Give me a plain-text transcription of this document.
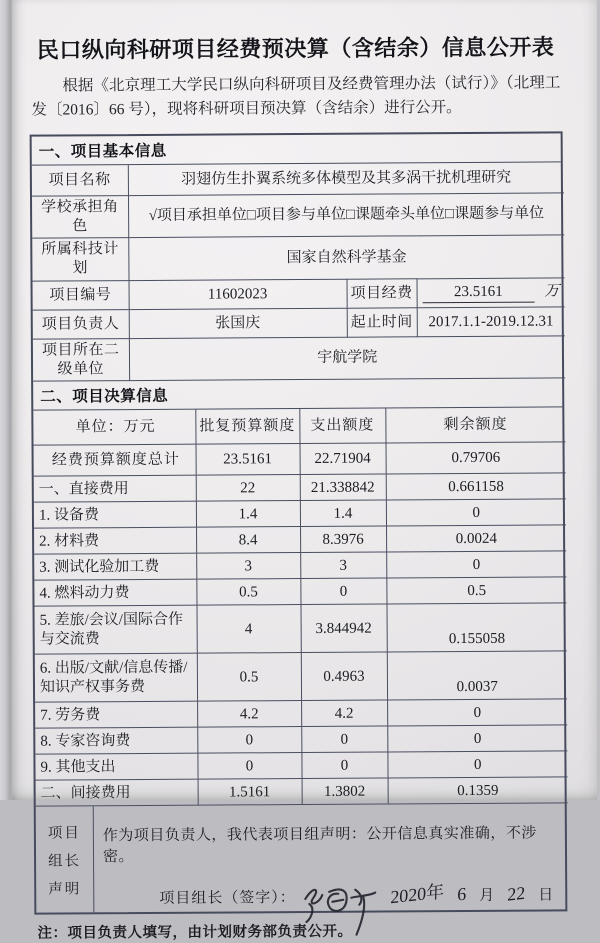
民口纵向科研项目经费预决算（含结余）信息公开表

根据《北京理工大学民口纵向科研项目及经费管理办法（试行）》（北理工发〔2016〕66 号），现将科研项目预决算（含结余）进行公开。

一、项目基本信息
项目名称	羽翅仿生扑翼系统多体模型及其多涡干扰机理研究		
学校承担角色	√项目承担单位□项目参与单位□课题牵头单位□课题参与单位		
所属科技计划	国家自然科学基金		
项目编号	11602023	项目经费	23.5161 万
项目负责人	张国庆	起止时间	2017.1.1-2019.12.31
项目所在二级单位	宇航学院		
二、项目决算信息
单位：万元	批复预算额度	支出额度	剩余额度
经费预算额度总计	23.5161	22.71904	0.79706
一、直接费用	22	21.338842	0.661158
1. 设备费	1.4	1.4	0
2. 材料费	8.4	8.3976	0.0024
3. 测试化验加工费	3	3	0
4. 燃料动力费	0.5	0	0.5
5. 差旅/会议/国际合作与交流费	4	3.844942	0.155058
6. 出版/文献/信息传播/知识产权事务费	0.5	0.4963	0.0037
7. 劳务费	4.2	4.2	0
8. 专家咨询费	0	0	0
9. 其他支出	0	0	0
二、间接费用	1.5161	1.3802	0.1359
项目
组长
声明

作为项目负责人，我代表项目组声明：公开信息真实准确，不涉密。

项目组长（签字）：	2020年 6 月 22 日

注：项目负责人填写，由计划财务部负责公开。
